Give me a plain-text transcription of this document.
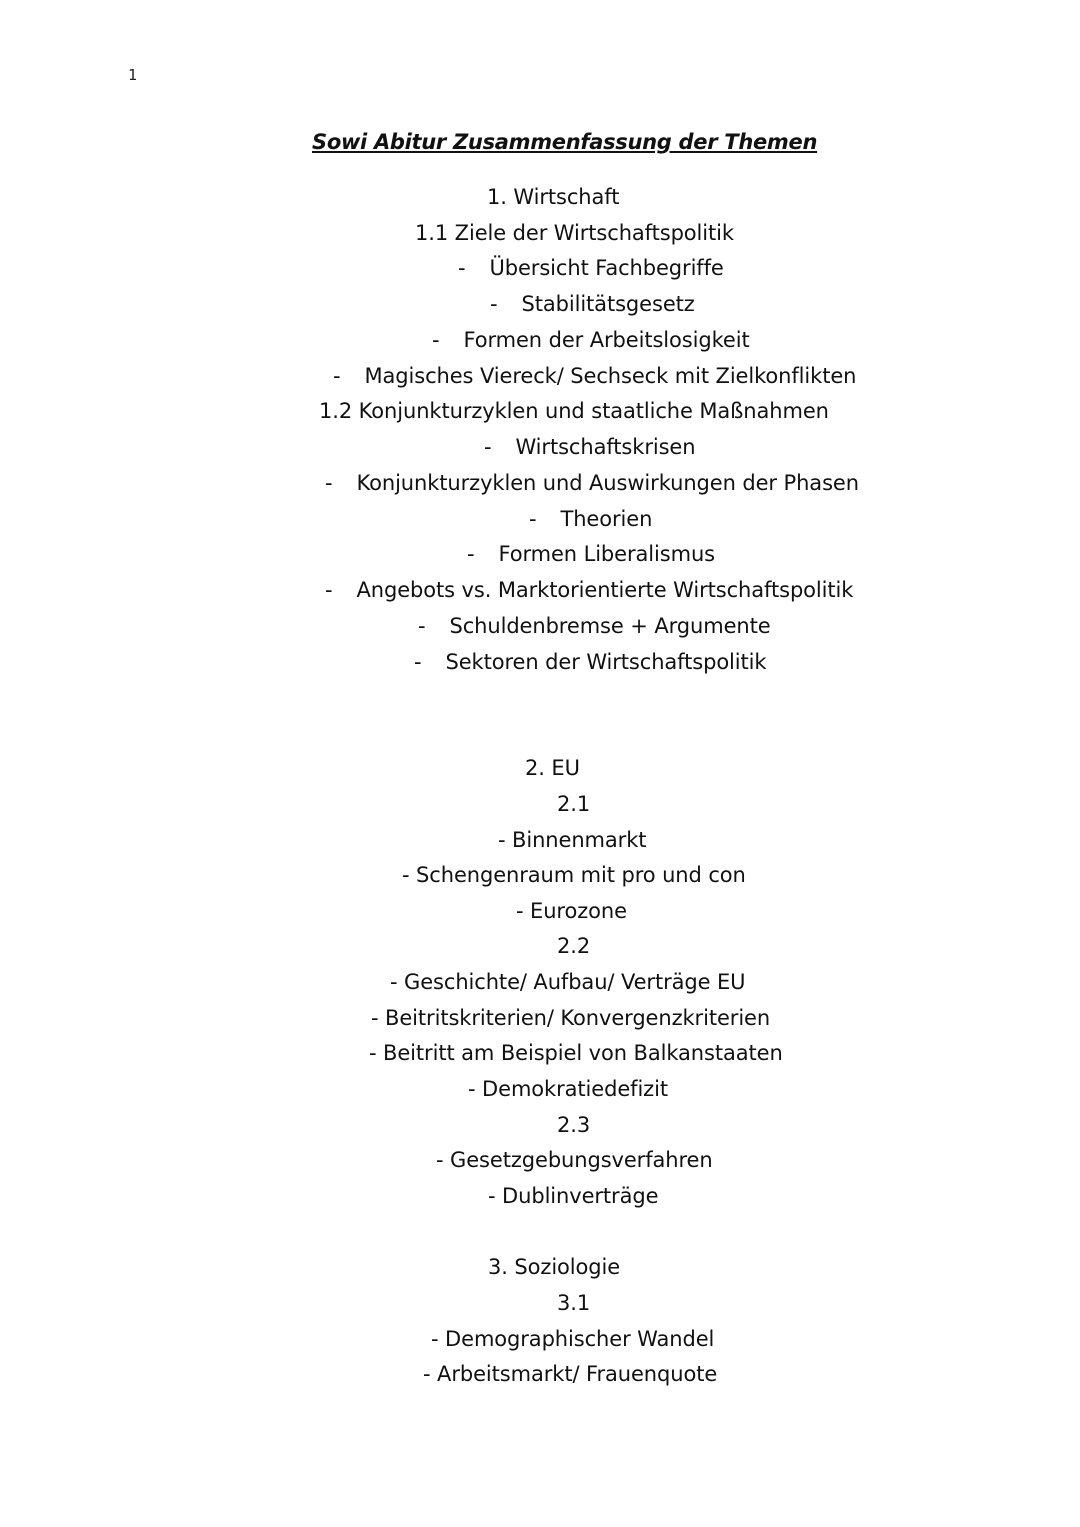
1
Sowi Abitur Zusammenfassung der Themen
1. Wirtschaft
1.1 Ziele der Wirtschaftspolitik
- Übersicht Fachbegriffe
- Stabilitätsgesetz
- Formen der Arbeitslosigkeit
- Magisches Viereck/ Sechseck mit Zielkonflikten
1.2 Konjunkturzyklen und staatliche Maßnahmen
- Wirtschaftskrisen
- Konjunkturzyklen und Auswirkungen der Phasen
- Theorien
- Formen Liberalismus
- Angebots vs. Marktorientierte Wirtschaftspolitik
- Schuldenbremse + Argumente
- Sektoren der Wirtschaftspolitik
2. EU
2.1
- Binnenmarkt
- Schengenraum mit pro und con
- Eurozone
2.2
- Geschichte/ Aufbau/ Verträge EU
- Beitritskriterien/ Konvergenzkriterien
- Beitritt am Beispiel von Balkanstaaten
- Demokratiedefizit
2.3
- Gesetzgebungsverfahren
- Dublinverträge
3. Soziologie
3.1
- Demographischer Wandel
- Arbeitsmarkt/ Frauenquote
